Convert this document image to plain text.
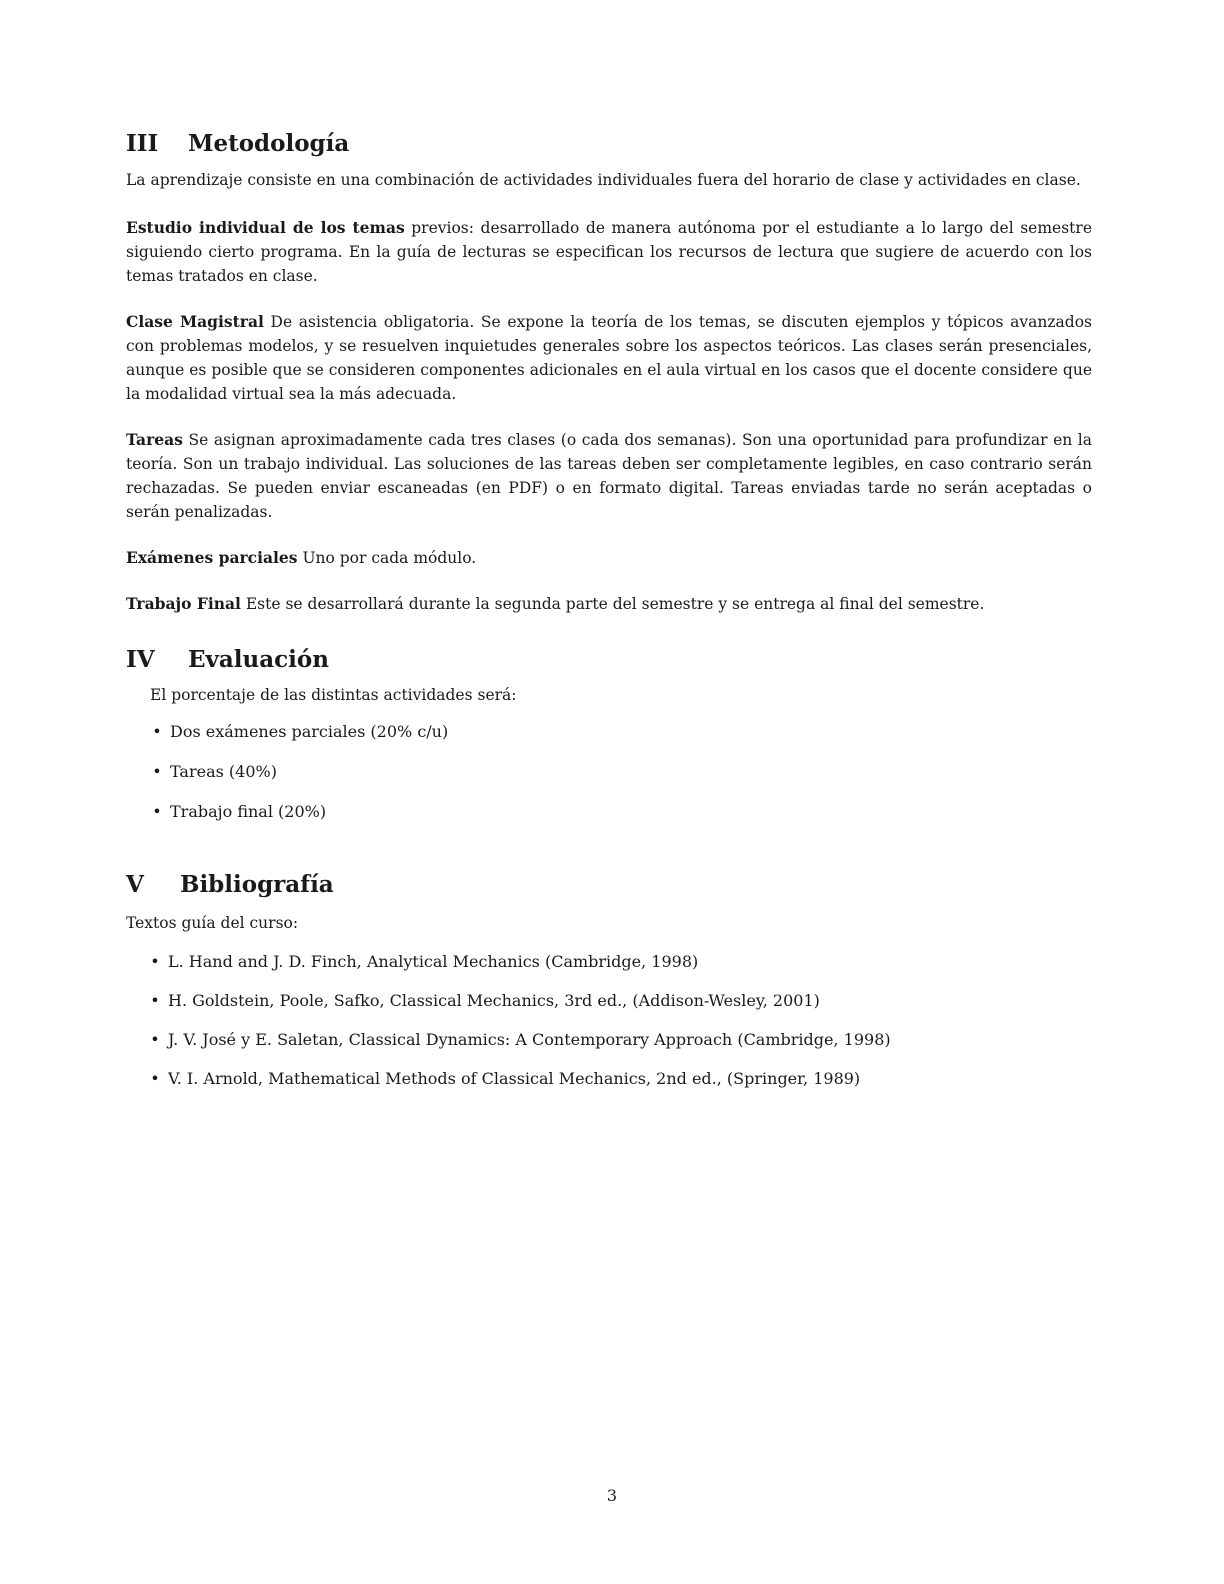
III	Metodología

La aprendizaje consiste en una combinación de actividades individuales fuera del horario de clase y actividades en clase.

Estudio individual de los temas previos: desarrollado de manera autónoma por el estudiante a lo largo del semestre siguiendo cierto programa. En la guía de lecturas se especifican los recursos de lectura que sugiere de acuerdo con los temas tratados en clase.

Clase Magistral De asistencia obligatoria. Se expone la teoría de los temas, se discuten ejemplos y tópicos avanzados con problemas modelos, y se resuelven inquietudes generales sobre los aspectos teóricos. Las clases serán presenciales, aunque es posible que se consideren componentes adicionales en el aula virtual en los casos que el docente considere que la modalidad virtual sea la más adecuada.

Tareas Se asignan aproximadamente cada tres clases (o cada dos semanas). Son una oportunidad para profundizar en la teoría. Son un trabajo individual. Las soluciones de las tareas deben ser completamente legibles, en caso contrario serán rechazadas. Se pueden enviar escaneadas (en PDF) o en formato digital. Tareas enviadas tarde no serán aceptadas o serán penalizadas.

Exámenes parciales Uno por cada módulo.

Trabajo Final Este se desarrollará durante la segunda parte del semestre y se entrega al final del semestre.

IV	Evaluación

El porcentaje de las distintas actividades será:

• Dos exámenes parciales (20% c/u)
• Tareas (40%)
• Trabajo final (20%)
V	Bibliografía

Textos guía del curso:

• L. Hand and J. D. Finch, Analytical Mechanics (Cambridge, 1998)
• H. Goldstein, Poole, Safko, Classical Mechanics, 3rd ed., (Addison-Wesley, 2001)
• J. V. José y E. Saletan, Classical Dynamics: A Contemporary Approach (Cambridge, 1998)
• V. I. Arnold, Mathematical Methods of Classical Mechanics, 2nd ed., (Springer, 1989)
3
